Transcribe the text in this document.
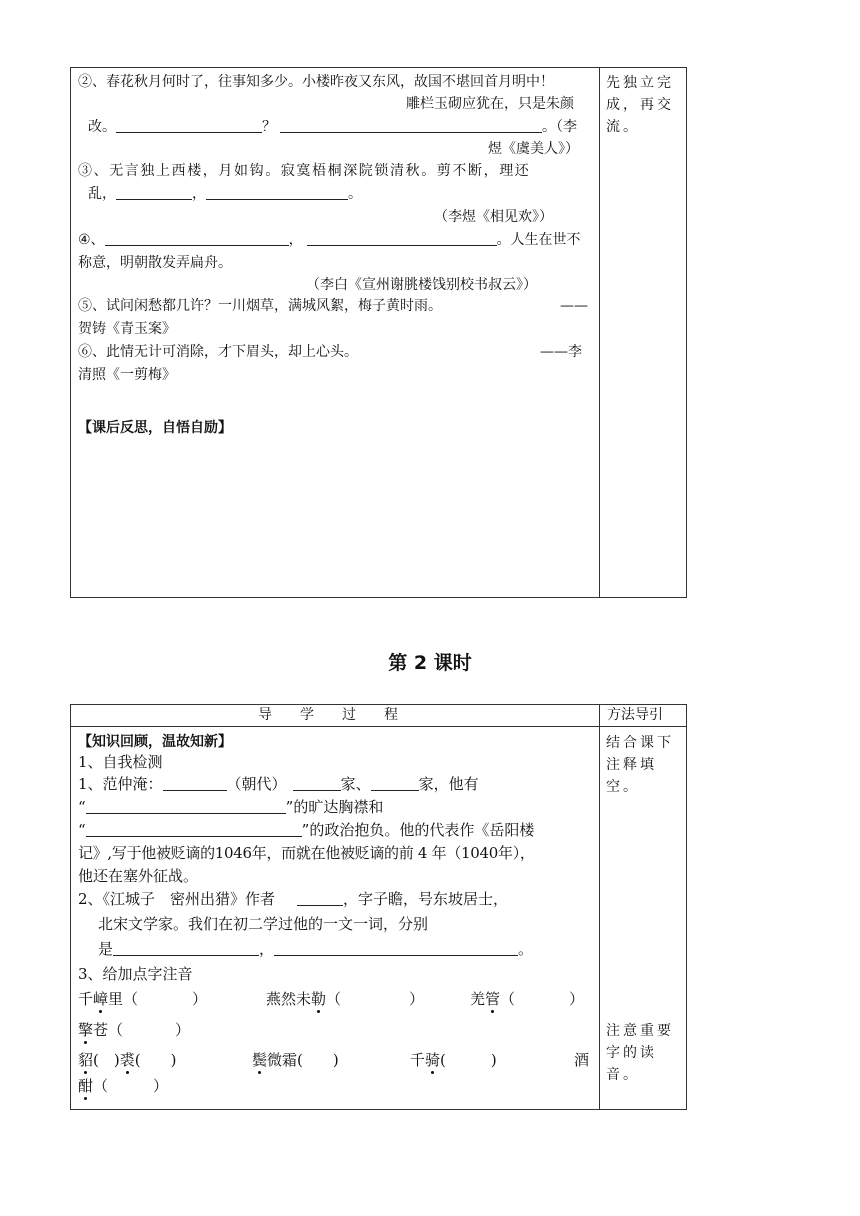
②、春花秋月何时了，往事知多少。小楼昨夜又东风，故国不堪回首月明中！
雕栏玉砌应犹在，只是朱颜
改。	？	。（李
煜《虞美人》）
③、无言独上西楼，月如钩。寂寞梧桐深院锁清秋。剪不断，理还
乱，	，	。
（李煜《相见欢》）
④、	，	。人生在世不
称意，明朝散发弄扁舟。
（李白《宣州谢朓楼饯别校书叔云》）
⑤、试问闲愁都几许？一川烟草，满城风絮，梅子黄时雨。	——
贺铸《青玉案》
——李
⑥、此情无计可消除，才下眉头，却上心头。
清照《一剪梅》
【课后反思，自悟自励】
先独立完
成，再交
流。
第 2 课时
导　　学　　过　　程	方法导引
【知识回顾，温故知新】
1、自我检测
1、范仲淹：	（朝代）	家、	家，他有
“	”的旷达胸襟和
“	”的政治抱负。他的代表作《岳阳楼
记》,写于他被贬谪的1046年，而就在他被贬谪的前 4 年（1040年），
他还在塞外征战。
2、《江城子　密州出猎》作者	，字子瞻，号东坡居士，
北宋文学家。我们在初二学过他的一文一词，分别
是	，	。
3、给加点字注音
千嶂里（	）	燕然未勒（	）	羌管（	）
擎苍（	）
貂(　)裘(　　)	鬓微霜(　　)	千骑(　　　)	酒
酣（　　　）
结合课下
注释填空。
注意重要
字的读音。
